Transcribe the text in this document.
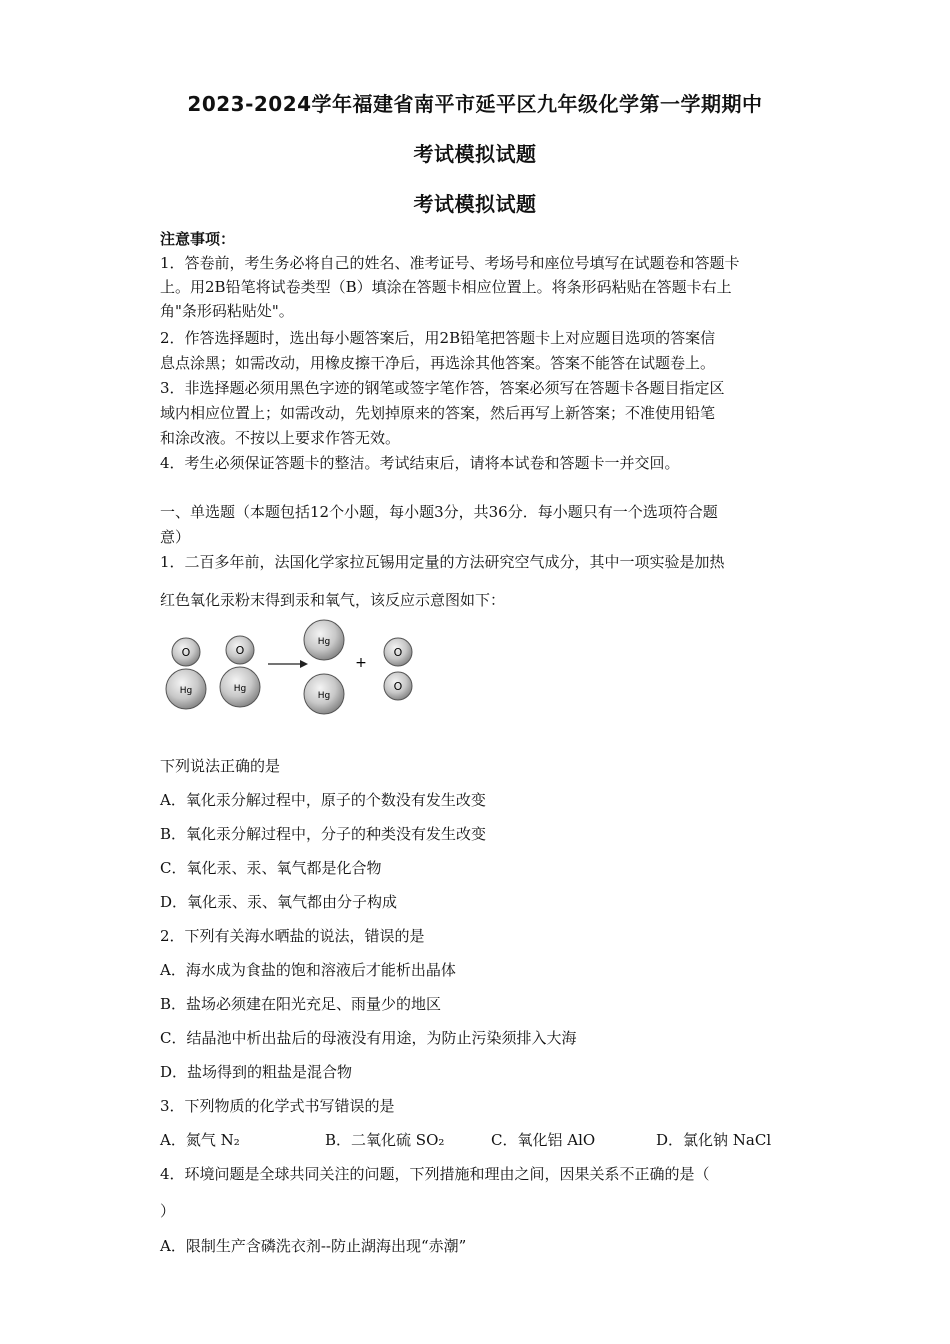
2023-2024学年福建省南平市延平区九年级化学第一学期期中
考试模拟试题
考试模拟试题
注意事项：
1．答卷前，考生务必将自己的姓名、准考证号、考场号和座位号填写在试题卷和答题卡
上。用2B铅笔将试卷类型（B）填涂在答题卡相应位置上。将条形码粘贴在答题卡右上
角"条形码粘贴处"。
2．作答选择题时，选出每小题答案后，用2B铅笔把答题卡上对应题目选项的答案信
息点涂黑；如需改动，用橡皮擦干净后，再选涂其他答案。答案不能答在试题卷上。
3．非选择题必须用黑色字迹的钢笔或签字笔作答，答案必须写在答题卡各题目指定区
域内相应位置上；如需改动，先划掉原来的答案，然后再写上新答案；不准使用铅笔
和涂改液。不按以上要求作答无效。
4．考生必须保证答题卡的整洁。考试结束后，请将本试卷和答题卡一并交回。
一、单选题（本题包括12个小题，每小题3分，共36分．每小题只有一个选项符合题
意）
1．二百多年前，法国化学家拉瓦锡用定量的方法研究空气成分，其中一项实验是加热
红色氧化汞粉末得到汞和氧气，该反应示意图如下：
O
Hg
O
Hg
Hg
Hg
+
O
O
下列说法正确的是
A．氧化汞分解过程中，原子的个数没有发生改变
B．氧化汞分解过程中，分子的种类没有发生改变
C．氧化汞、汞、氧气都是化合物
D．氧化汞、汞、氧气都由分子构成
2．下列有关海水晒盐的说法，错误的是
A．海水成为食盐的饱和溶液后才能析出晶体
B．盐场必须建在阳光充足、雨量少的地区
C．结晶池中析出盐后的母液没有用途，为防止污染须排入大海
D．盐场得到的粗盐是混合物
3．下列物质的化学式书写错误的是
A．氮气 N₂	B．二氧化硫 SO₂	C．氧化铝 AlO	D．氯化钠 NaCl
4．环境问题是全球共同关注的问题，下列措施和理由之间，因果关系不正确的是（
）
A．限制生产含磷洗衣剂--防止湖海出现“赤潮”
